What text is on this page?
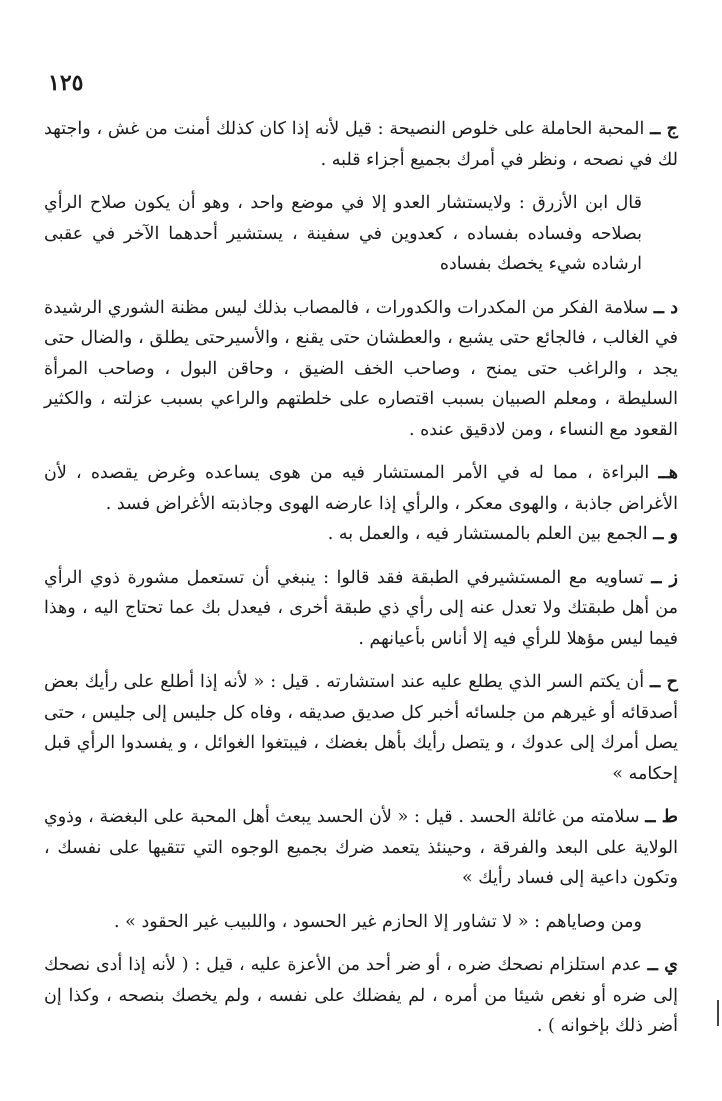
١٢٥

ج ــ المحبة الحاملة على خلوص النصيحة : قيل لأنه إذا كان كذلك أمنت من غش ، واجتهد لك في نصحه ، ونظر في أمرك بجميع أجزاء قلبه .

قال ابن الأزرق : ولايستشار العدو إلا في موضع واحد ، وهو أن يكون صلاح الرأي بصلاحه وفساده بفساده ، كعدوين في سفينة ، يستشير أحدهما الآخر في عقبى ارشاده شيء يخصك بفساده

د ــ سلامة الفكر من المكدرات والكدورات ، فالمصاب بذلك ليس مظنة الشوري الرشيدة في الغالب ، فالجائع حتى يشبع ، والعطشان حتى يقنع ، والأسيرحتى يطلق ، والضال حتى يجد ، والراغب حتى يمنح ، وصاحب الخف الضيق ، وحاقن البول ، وصاحب المرأة السليطة ، ومعلم الصبيان بسبب اقتصاره على خلطتهم والراعي بسبب عزلته ، والكثير القعود مع النساء ، ومن لادقيق عنده .

هــ البراءة ، مما له في الأمر المستشار فيه من هوى يساعده وغرض يقصده ، لأن الأغراض جاذبة ، والهوى معكر ، والرأي إذا عارضه الهوى وجاذبته الأغراض فسد .

و ــ الجمع بين العلم بالمستشار فيه ، والعمل به .

ز ــ تساويه مع المستشيرفي الطبقة فقد قالوا : ينبغي أن تستعمل مشورة ذوي الرأي من أهل طبقتك ولا تعدل عنه إلى رأي ذي طبقة أخرى ، فيعدل بك عما تحتاج اليه ، وهذا فيما ليس مؤهلا للرأي فيه إلا أناس بأعيانهم .

ح ــ أن يكتم السر الذي يطلع عليه عند استشارته . قيل : « لأنه إذا أطلع على رأيك بعض أصدقائه أو غيرهم من جلسائه أخبر كل صديق صديقه ، وفاه كل جليس إلى جليس ، حتى يصل أمرك إلى عدوك ، و يتصل رأيك بأهل بغضك ، فيبتغوا الغوائل ، و يفسدوا الرأي قبل إحكامه »

ط ــ سلامته من غائلة الحسد . قيل : « لأن الحسد يبعث أهل المحبة على البغضة ، وذوي الولاية على البعد والفرقة ، وحينئذ يتعمد ضرك بجميع الوجوه التي تتقيها على نفسك ، وتكون داعية إلى فساد رأيك »

ومن وصاياهم : « لا تشاور إلا الحازم غير الحسود ، واللبيب غير الحقود » .

ي ــ عدم استلزام نصحك ضره ، أو ضر أحد من الأعزة عليه ، قيل : ( لأنه إذا أدى نصحك إلى ضره أو نغص شيئا من أمره ، لم يفضلك على نفسه ، ولم يخصك بنصحه ، وكذا إن أضر ذلك بإخوانه ) .
